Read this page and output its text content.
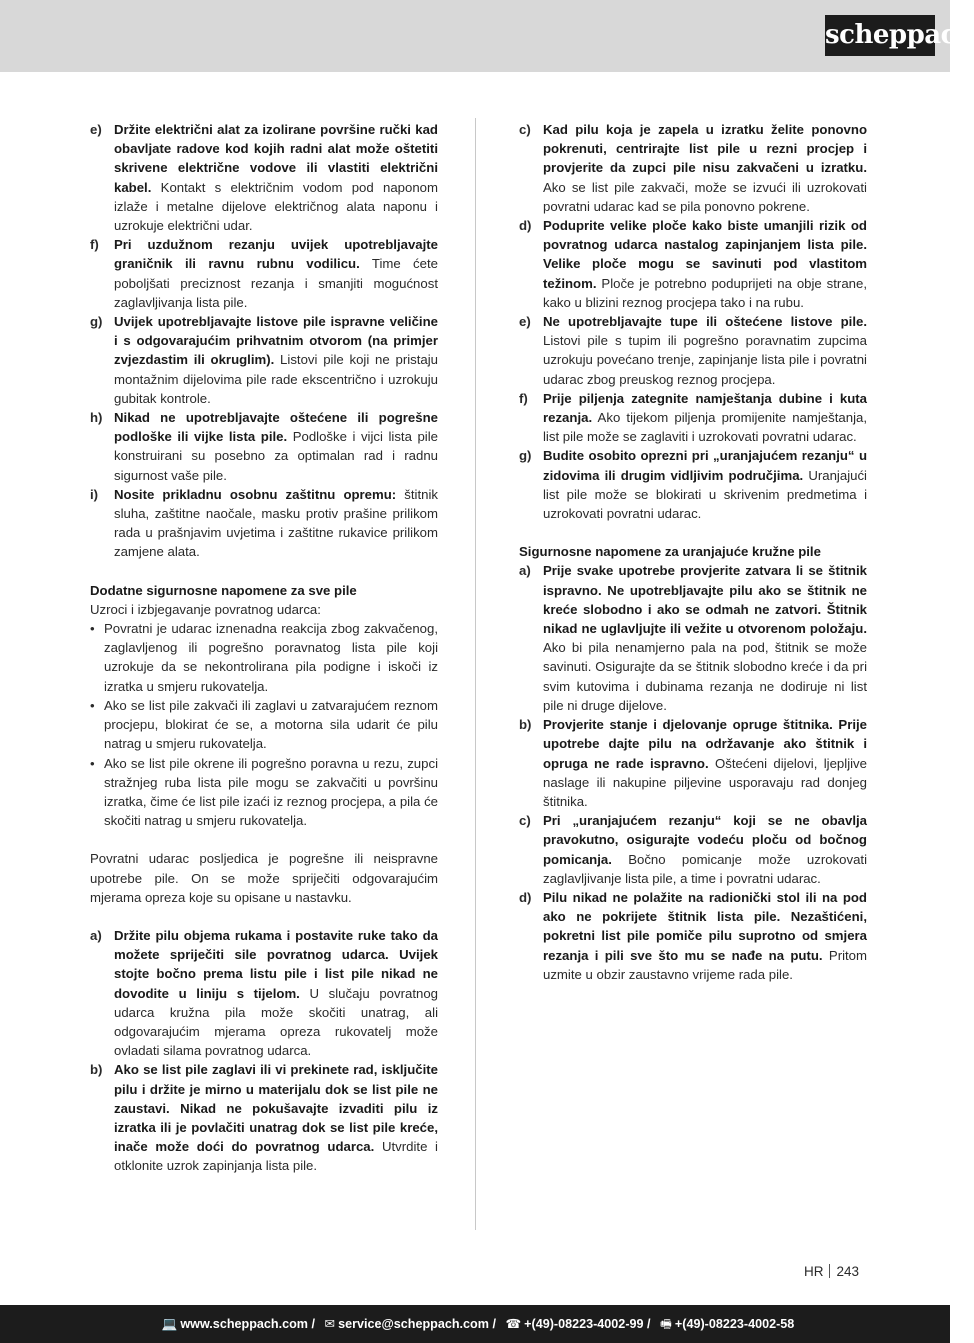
scheppach
e) Držite električni alat za izolirane površine ručki kad obavljate radove kod kojih radni alat može oštetiti skrivene električne vodove ili vlastiti električni kabel. Kontakt s električnim vodom pod naponom izlaže i metalne dijelove električnog alata naponu i uzrokuje električni udar.
f) Pri uzdužnom rezanju uvijek upotrebljavajte graničnik ili ravnu rubnu vodilicu. Time ćete poboljšati preciznost rezanja i smanjiti mogućnost zaglavljivanja lista pile.
g) Uvijek upotrebljavajte listove pile ispravne veličine i s odgovarajućim prihvatnim otvorom (na primjer zvjezdastim ili okruglim). Listovi pile koji ne pristaju montažnim dijelovima pile rade ekscentrično i uzrokuju gubitak kontrole.
h) Nikad ne upotrebljavajte oštećene ili pogrešne podloške ili vijke lista pile. Podloške i vijci lista pile konstruirani su posebno za optimalan rad i radnu sigurnost vaše pile.
i) Nosite prikladnu osobnu zaštitnu opremu: štitnik sluha, zaštitne naočale, masku protiv prašine prilikom rada u prašnjavim uvjetima i zaštitne rukavice prilikom zamjene alata.
Dodatne sigurnosne napomene za sve pile
Uzroci i izbjegavanje povratnog udarca:
• Povratni je udarac iznenadna reakcija zbog zakvačenog, zaglavljenog ili pogrešno poravnatog lista pile koji uzrokuje da se nekontrolirana pila podigne i iskoči iz izratka u smjeru rukovatelja.
• Ako se list pile zakvači ili zaglavi u zatvarajućem reznom procjepu, blokirat će se, a motorna sila udarit će pilu natrag u smjeru rukovatelja.
• Ako se list pile okrene ili pogrešno poravna u rezu, zupci stražnjeg ruba lista pile mogu se zakvačiti u površinu izratka, čime će list pile izaći iz reznog procjepa, a pila će skočiti natrag u smjeru rukovatelja.
Povratni udarac posljedica je pogrešne ili neispravne upotrebe pile. On se može spriječiti odgovarajućim mjerama opreza koje su opisane u nastavku.
a) Držite pilu objema rukama i postavite ruke tako da možete spriječiti sile povratnog udarca. Uvijek stojte bočno prema listu pile i list pile nikad ne dovodite u liniju s tijelom. U slučaju povratnog udarca kružna pila može skočiti unatrag, ali odgovarajućim mjerama opreza rukovatelj može ovladati silama povratnog udarca.
b) Ako se list pile zaglavi ili vi prekinete rad, isključite pilu i držite je mirno u materijalu dok se list pile ne zaustavi. Nikad ne pokušavajte izvaditi pilu iz izratka ili je povlačiti unatrag dok se list pile kreće, inače može doći do povratnog udarca. Utvrdite i otklonite uzrok zapinjanja lista pile.
c) Kad pilu koja je zapela u izratku želite ponovno pokrenuti, centrirajte list pile u rezni procjep i provjerite da zupci pile nisu zakvačeni u izratku. Ako se list pile zakvači, može se izvući ili uzrokovati povratni udarac kad se pila ponovno pokrene.
d) Poduprite velike ploče kako biste umanjili rizik od povratnog udarca nastalog zapinjanjem lista pile. Velike ploče mogu se savinuti pod vlastitom težinom. Ploče je potrebno poduprijeti na obje strane, kako u blizini reznog procjepa tako i na rubu.
e) Ne upotrebljavajte tupe ili oštećene listove pile. Listovi pile s tupim ili pogrešno poravnatim zupcima uzrokuju povećano trenje, zapinjanje lista pile i povratni udarac zbog preuskog reznog procjepa.
f) Prije piljenja zategnite namještanja dubine i kuta rezanja. Ako tijekom piljenja promijenite namještanja, list pile može se zaglaviti i uzrokovati povratni udarac.
g) Budite osobito oprezni pri „uranjajućem rezanju“ u zidovima ili drugim vidljivim područjima. Uranjajući list pile može se blokirati u skrivenim predmetima i uzrokovati povratni udarac.
Sigurnosne napomene za uranjajuće kružne pile
a) Prije svake upotrebe provjerite zatvara li se štitnik ispravno. Ne upotrebljavajte pilu ako se štitnik ne kreće slobodno i ako se odmah ne zatvori. Štitnik nikad ne uglavljujte ili vežite u otvorenom položaju. Ako bi pila nenamjerno pala na pod, štitnik se može savinuti. Osigurajte da se štitnik slobodno kreće i da pri svim kutovima i dubinama rezanja ne dodiruje ni list pile ni druge dijelove.
b) Provjerite stanje i djelovanje opruge štitnika. Prije upotrebe dajte pilu na održavanje ako štitnik i opruga ne rade ispravno. Oštećeni dijelovi, ljepljive naslage ili nakupine piljevine usporavaju rad donjeg štitnika.
c) Pri „uranjajućem rezanju“ koji se ne obavlja pravokutno, osigurajte vodeću ploču od bočnog pomicanja. Bočno pomicanje može uzrokovati zaglavljivanje lista pile, a time i povratni udarac.
d) Pilu nikad ne polažite na radionički stol ili na pod ako ne pokrijete štitnik lista pile. Nezaštićeni, pokretni list pile pomiče pilu suprotno od smjera rezanja i pili sve što mu se nađe na putu. Pritom uzmite u obzir zaustavno vrijeme rada pile.
HR 243
💻 www.scheppach.com / ✉ service@scheppach.com / ☎ +(49)-08223-4002-99 / 🖷 +(49)-08223-4002-58
